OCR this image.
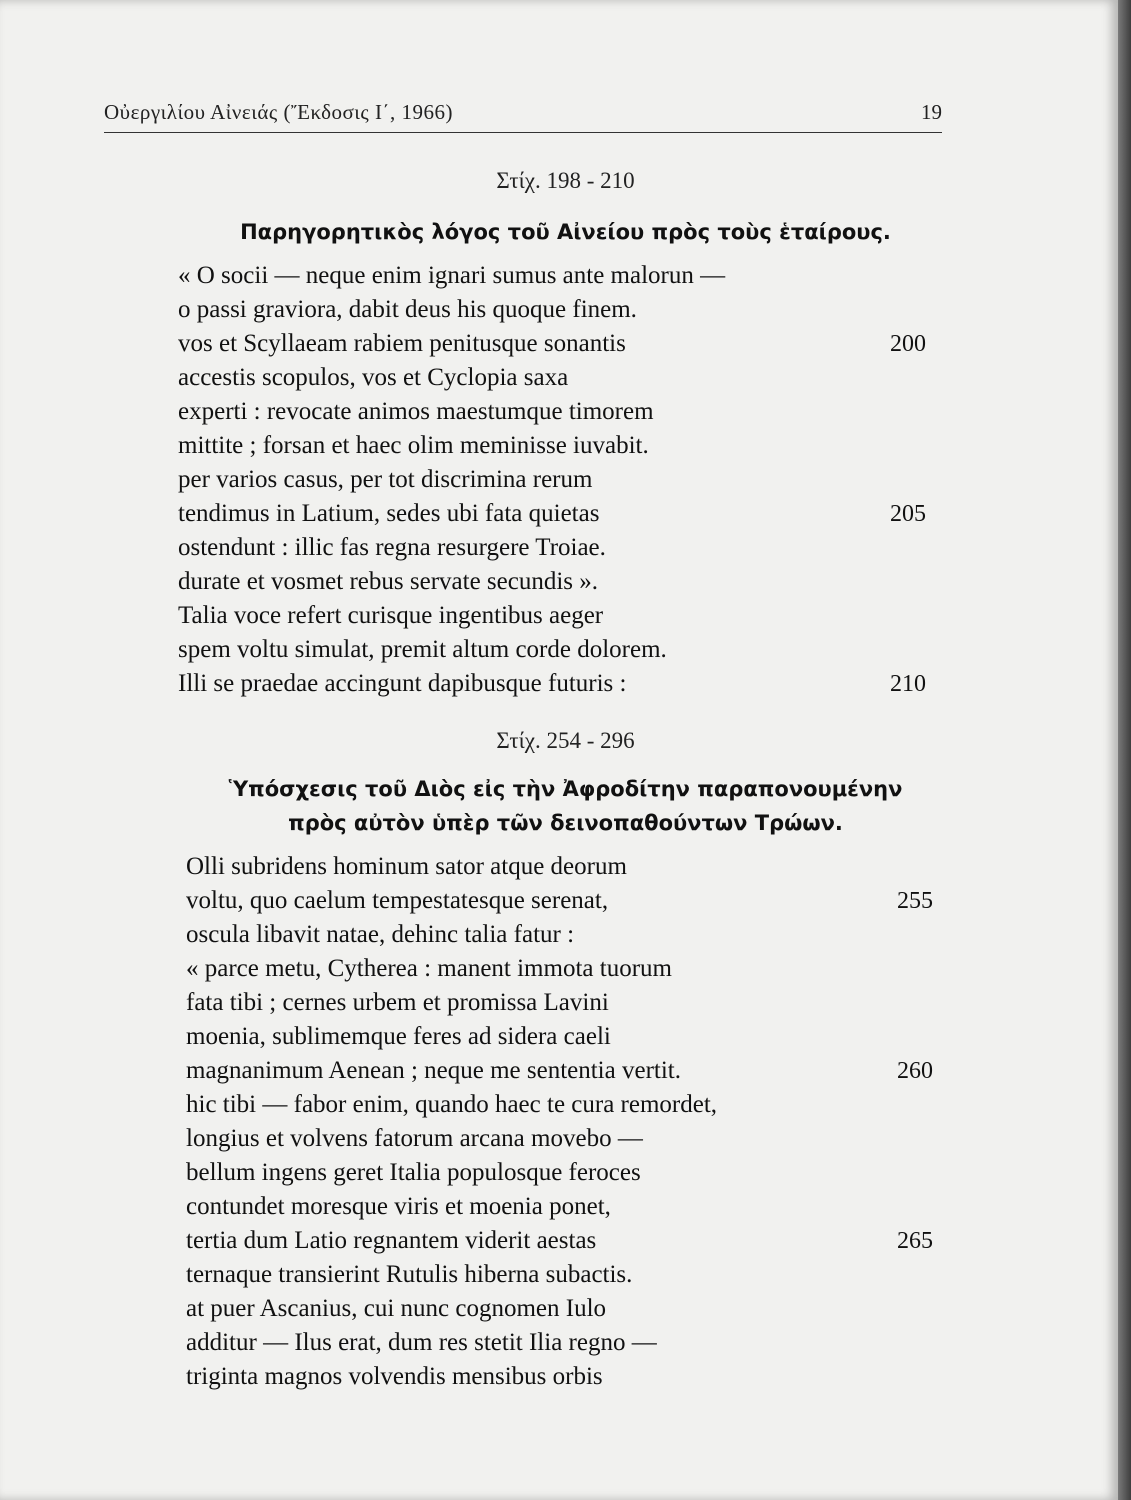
Οὐεργιλίου Αἰνειάς (Ἔκδοσις Ι΄, 1966)	19
Στίχ. 198 - 210
Παρηγορητικὸς λόγος τοῦ Αἰνείου πρὸς τοὺς ἑταίρους.
Στίχ. 254 - 296
Ὑπόσχεσις τοῦ Διὸς εἰς τὴν Ἀφροδίτην παραπονουμένην
πρὸς αὐτὸν ὑπὲρ τῶν δεινοπαθούντων Τρώων.
« O socii — neque enim ignari sumus ante malorun —
o passi graviora, dabit deus his quoque finem.
vos et Scyllaeam rabiem penitusque sonantis	200
accestis scopulos, vos et Cyclopia saxa
experti : revocate animos maestumque timorem
mittite ; forsan et haec olim meminisse iuvabit.
per varios casus, per tot discrimina rerum
tendimus in Latium, sedes ubi fata quietas	205
ostendunt : illic fas regna resurgere Troiae.
durate et vosmet rebus servate secundis ».
Talia voce refert curisque ingentibus aeger
spem voltu simulat, premit altum corde dolorem.
Illi se praedae accingunt dapibusque futuris :	210
Olli subridens hominum sator atque deorum
voltu, quo caelum tempestatesque serenat,	255
oscula libavit natae, dehinc talia fatur :
« parce metu, Cytherea : manent immota tuorum
fata tibi ; cernes urbem et promissa Lavini
moenia, sublimemque feres ad sidera caeli
magnanimum Aenean ; neque me sententia vertit.	260
hic tibi — fabor enim, quando haec te cura remordet,
longius et volvens fatorum arcana movebo —
bellum ingens geret Italia populosque feroces
contundet moresque viris et moenia ponet,
tertia dum Latio regnantem viderit aestas	265
ternaque transierint Rutulis hiberna subactis.
at puer Ascanius, cui nunc cognomen Iulo
additur — Ilus erat, dum res stetit Ilia regno —
triginta magnos volvendis mensibus orbis
